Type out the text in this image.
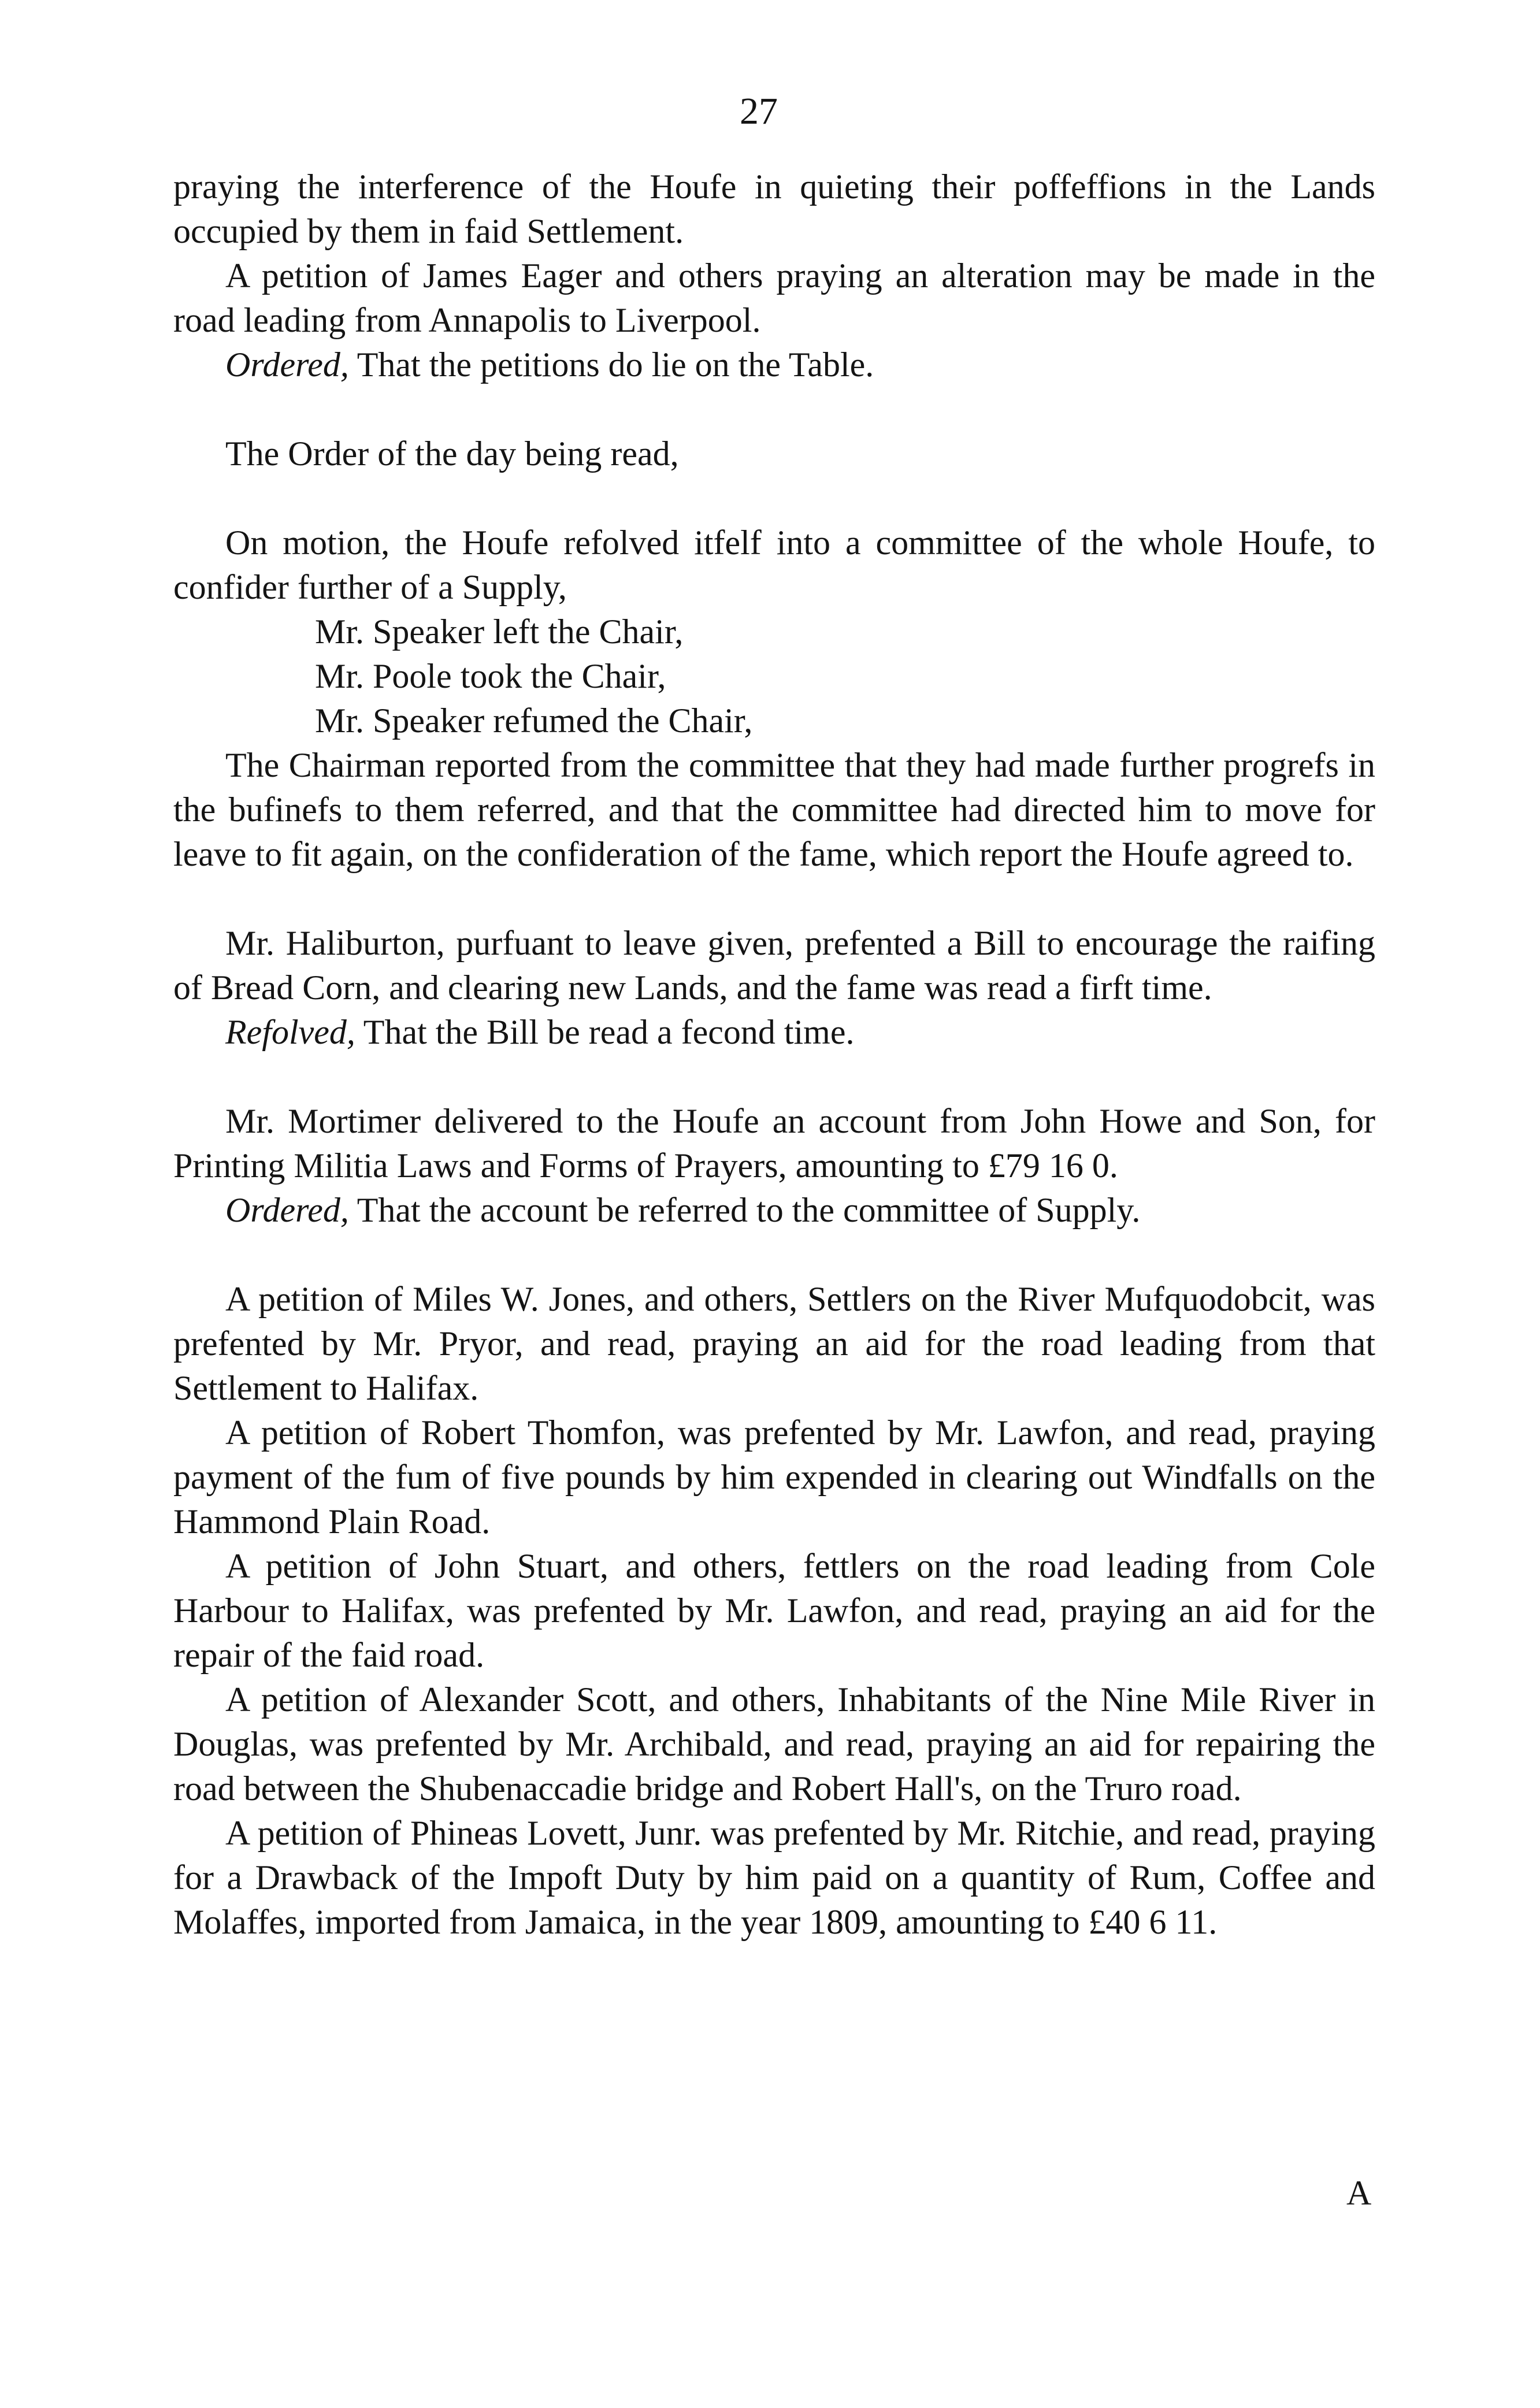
27

praying the interference of the Houfe in quieting their poffeffions in the Lands occupied by them in faid Settlement.

A petition of James Eager and others praying an alteration may be made in the road leading from Annapolis to Liverpool.

Ordered, That the petitions do lie on the Table.

The Order of the day being read,

On motion, the Houfe refolved itfelf into a committee of the whole Houfe, to confider further of a Supply,

Mr. Speaker left the Chair,

Mr. Poole took the Chair,

Mr. Speaker refumed the Chair,

The Chairman reported from the committee that they had made further progrefs in the bufinefs to them referred, and that the committee had directed him to move for leave to fit again, on the confideration of the fame, which report the Houfe agreed to.

Mr. Haliburton, purfuant to leave given, prefented a Bill to encourage the raifing of Bread Corn, and clearing new Lands, and the fame was read a firft time.

Refolved, That the Bill be read a fecond time.

Mr. Mortimer delivered to the Houfe an account from John Howe and Son, for Printing Militia Laws and Forms of Prayers, amounting to £79 16 0.

Ordered, That the account be referred to the committee of Supply.

A petition of Miles W. Jones, and others, Settlers on the River Mufquodobcit, was prefented by Mr. Pryor, and read, praying an aid for the road leading from that Settlement to Halifax.

A petition of Robert Thomfon, was prefented by Mr. Lawfon, and read, praying payment of the fum of five pounds by him expended in clearing out Windfalls on the Hammond Plain Road.

A petition of John Stuart, and others, fettlers on the road leading from Cole Harbour to Halifax, was prefented by Mr. Lawfon, and read, praying an aid for the repair of the faid road.

A petition of Alexander Scott, and others, Inhabitants of the Nine Mile River in Douglas, was prefented by Mr. Archibald, and read, praying an aid for repairing the road between the Shubenaccadie bridge and Robert Hall's, on the Truro road.

A petition of Phineas Lovett, Junr. was prefented by Mr. Ritchie, and read, praying for a Drawback of the Impoft Duty by him paid on a quantity of Rum, Coffee and Molaffes, imported from Jamaica, in the year 1809, amounting to £40 6 11.

A
